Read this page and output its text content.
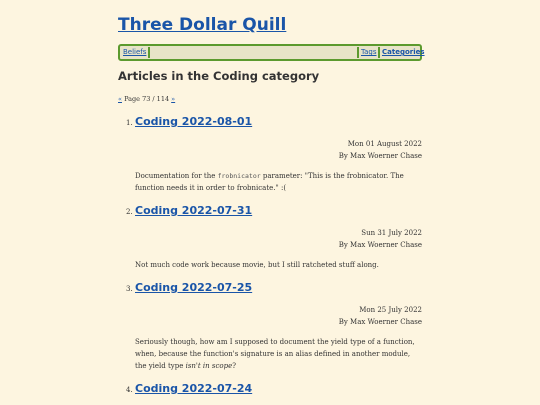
Three Dollar Quill
Beliefs	Tags Categories
Articles in the Coding category
« Page 73 / 114 »
1. Coding 2022-08-01
Mon 01 August 2022
By Max Woerner Chase
Documentation for the frobnicator parameter: "This is the frobnicator. The function needs it in order to frobnicate." :(
2. Coding 2022-07-31
Sun 31 July 2022
By Max Woerner Chase
Not much code work because movie, but I still ratcheted stuff along.
3. Coding 2022-07-25
Mon 25 July 2022
By Max Woerner Chase
Seriously though, how am I supposed to document the yield type of a function, when, because the function's signature is an alias defined in another module, the yield type isn't in scope?
4. Coding 2022-07-24
